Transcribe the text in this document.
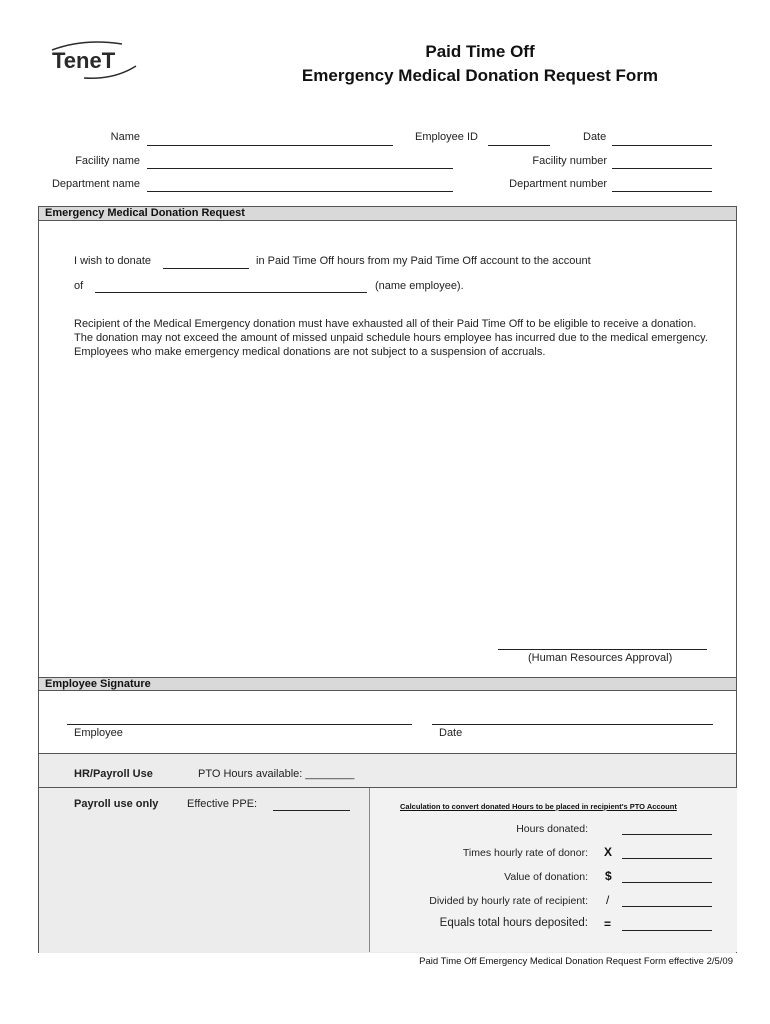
TeneT	Paid Time Off
Emergency Medical Donation Request Form
Name	Employee ID	Date
Facility name	Facility number
Department name	Department number
Emergency Medical Donation Request
I wish to donate	in Paid Time Off hours from my Paid Time Off account to the account
of	(name employee).
Recipient of the Medical Emergency donation must have exhausted all of their Paid Time Off to be eligible to receive a donation.
The donation may not exceed the amount of missed unpaid schedule hours employee has incurred due to the medical emergency.
Employees who make emergency medical donations are not subject to a suspension of accruals.
(Human Resources Approval)
Employee Signature
Employee	Date
HR/Payroll Use	PTO Hours available: ________
Payroll use only	Effective PPE:	Calculation to convert donated Hours to be placed in recipient's PTO Account
Hours donated:
Times hourly rate of donor: X
Value of donation: $
Divided by hourly rate of recipient: /
Equals total hours deposited: =
Paid Time Off Emergency Medical Donation Request Form effective 2/5/09
